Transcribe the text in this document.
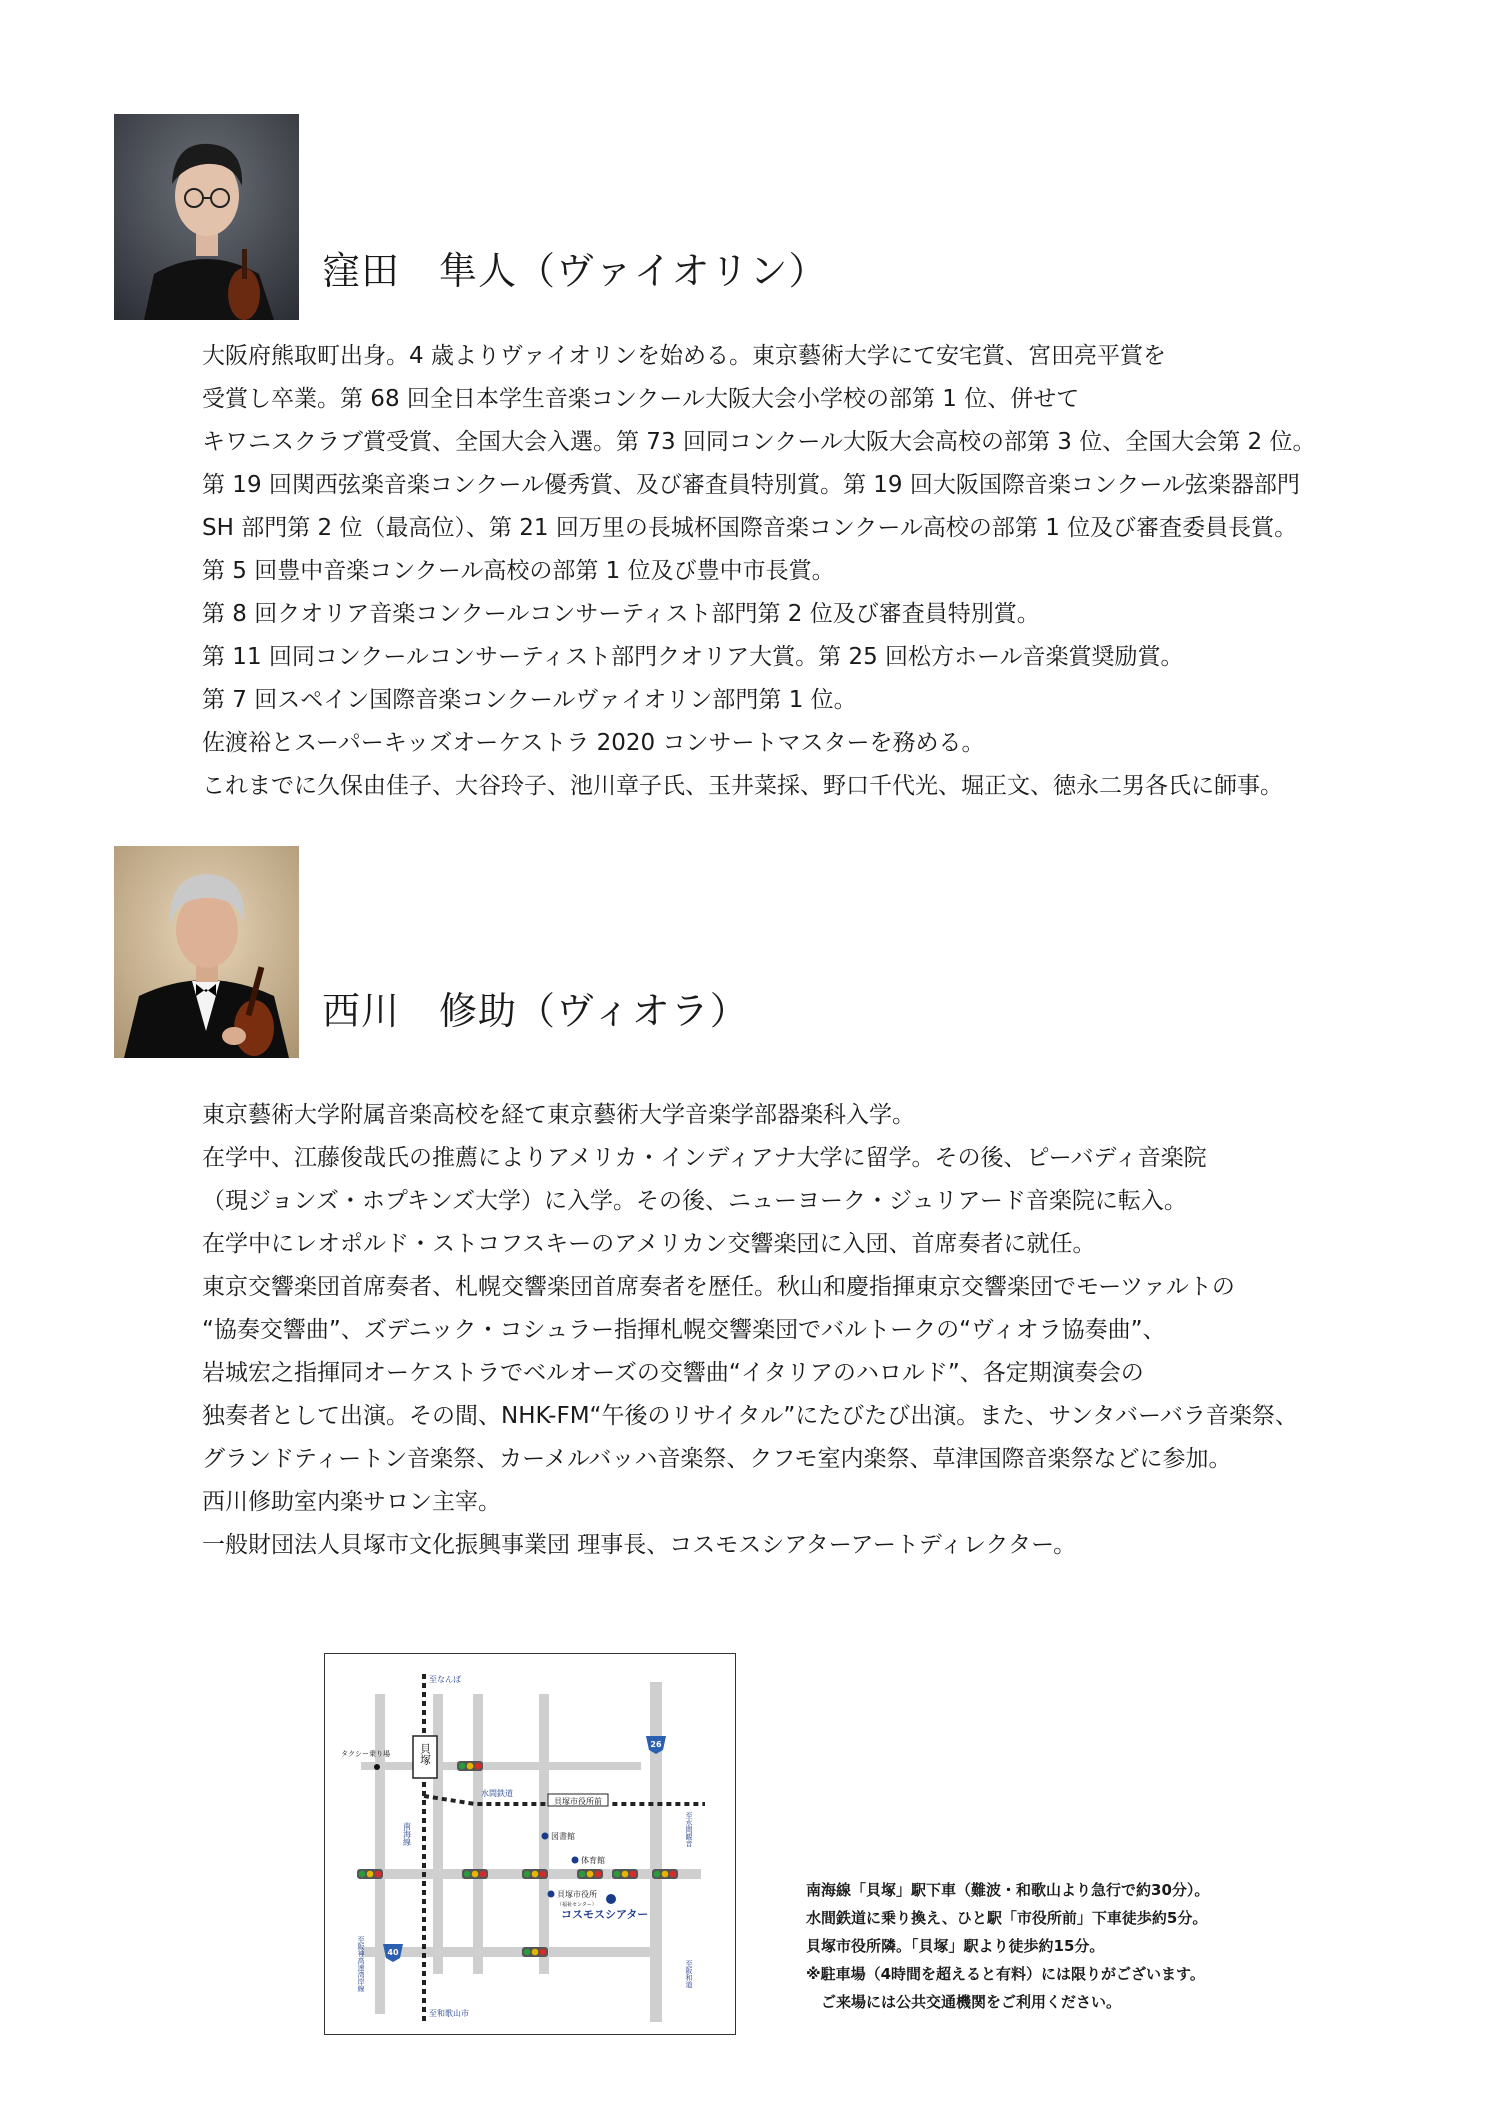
窪田　隼人（ヴァイオリン）
大阪府熊取町出身。4 歳よりヴァイオリンを始める。東京藝術大学にて安宅賞、宮田亮平賞を
受賞し卒業。第 68 回全日本学生音楽コンクール大阪大会小学校の部第 1 位、併せて
キワニスクラブ賞受賞、全国大会入選。第 73 回同コンクール大阪大会高校の部第 3 位、全国大会第 2 位。
第 19 回関西弦楽音楽コンクール優秀賞、及び審査員特別賞。第 19 回大阪国際音楽コンクール弦楽器部門
SH 部門第 2 位（最高位）、第 21 回万里の長城杯国際音楽コンクール高校の部第 1 位及び審査委員長賞。
第 5 回豊中音楽コンクール高校の部第 1 位及び豊中市長賞。
第 8 回クオリア音楽コンクールコンサーティスト部門第 2 位及び審査員特別賞。
第 11 回同コンクールコンサーティスト部門クオリア大賞。第 25 回松方ホール音楽賞奨励賞。
第 7 回スペイン国際音楽コンクールヴァイオリン部門第 1 位。
佐渡裕とスーパーキッズオーケストラ 2020 コンサートマスターを務める。
これまでに久保由佳子、大谷玲子、池川章子氏、玉井菜採、野口千代光、堀正文、徳永二男各氏に師事。
西川　修助（ヴィオラ）
東京藝術大学附属音楽高校を経て東京藝術大学音楽学部器楽科入学。
在学中、江藤俊哉氏の推薦によりアメリカ・インディアナ大学に留学。その後、ピーバディ音楽院
（現ジョンズ・ホプキンズ大学）に入学。その後、ニューヨーク・ジュリアード音楽院に転入。
在学中にレオポルド・ストコフスキーのアメリカン交響楽団に入団、首席奏者に就任。
東京交響楽団首席奏者、札幌交響楽団首席奏者を歴任。秋山和慶指揮東京交響楽団でモーツァルトの
“協奏交響曲”、ズデニック・コシュラー指揮札幌交響楽団でバルトークの“ヴィオラ協奏曲”、
岩城宏之指揮同オーケストラでベルオーズの交響曲“イタリアのハロルド”、各定期演奏会の
独奏者として出演。その間、NHK-FM“午後のリサイタル”にたびたび出演。また、サンタバーバラ音楽祭、
グランドティートン音楽祭、カーメルバッハ音楽祭、クフモ室内楽祭、草津国際音楽祭などに参加。
西川修助室内楽サロン主宰。
一般財団法人貝塚市文化振興事業団 理事長、コスモスシアターアートディレクター。
貝塚
貝塚市役所前
至なんば
至和歌山市
タクシー乗り場
水間鉄道
南海線	図書館
体育館
貝塚市役所
（福祉センター）
コスモスシアター
至水間観音
至阪神高速湾岸線	至阪和道
26
40
南海線「貝塚」駅下車（難波・和歌山より急行で約30分）。
水間鉄道に乗り換え、ひと駅「市役所前」下車徒歩約5分。
貝塚市役所隣。「貝塚」駅より徒歩約15分。
※駐車場（4時間を超えると有料）には限りがございます。
　ご来場には公共交通機関をご利用ください。
